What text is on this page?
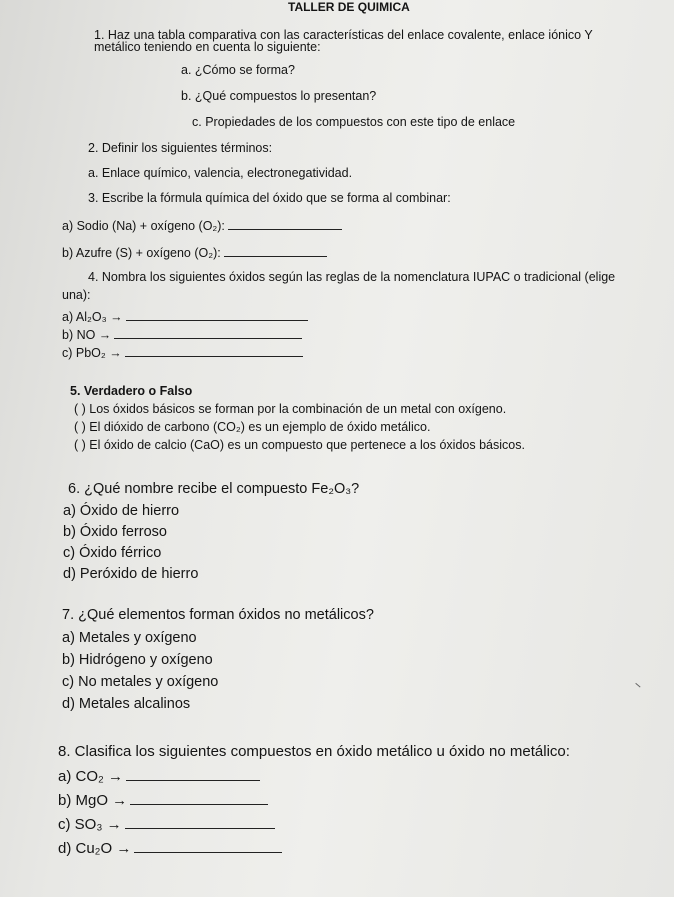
TALLER DE QUIMICA
1. Haz una tabla comparativa con las características del enlace covalente, enlace iónico Y
metálico teniendo en cuenta lo siguiente:
a. ¿Cómo se forma?
b. ¿Qué compuestos lo presentan?
c. Propiedades de los compuestos con este tipo de enlace
2. Definir los siguientes términos:
a. Enlace químico, valencia, electronegatividad.
3. Escribe la fórmula química del óxido que se forma al combinar:
a) Sodio (Na) + oxígeno (O₂):
b) Azufre (S) + oxígeno (O₂):
4. Nombra los siguientes óxidos según las reglas de la nomenclatura IUPAC o tradicional (elige
una):
a) Al₂O₃ →
b) NO →
c) PbO₂ →
5. Verdadero o Falso
( ) Los óxidos básicos se forman por la combinación de un metal con oxígeno.
( ) El dióxido de carbono (CO₂) es un ejemplo de óxido metálico.
( ) El óxido de calcio (CaO) es un compuesto que pertenece a los óxidos básicos.
6. ¿Qué nombre recibe el compuesto Fe₂O₃?
a) Óxido de hierro
b) Óxido ferroso
c) Óxido férrico
d) Peróxido de hierro
7. ¿Qué elementos forman óxidos no metálicos?
a) Metales y oxígeno
b) Hidrógeno y oxígeno
c) No metales y oxígeno
d) Metales alcalinos
8. Clasifica los siguientes compuestos en óxido metálico u óxido no metálico:
a) CO₂ →
b) MgO →
c) SO₃ →
d) Cu₂O →
